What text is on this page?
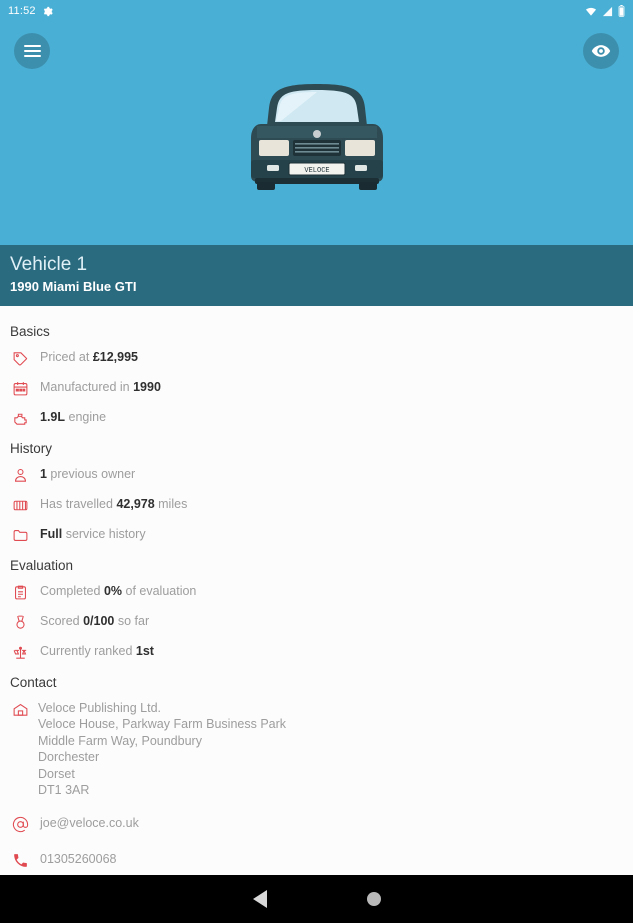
11:52
VELOCE
Vehicle 1
1990 Miami Blue GTI
Basics
Priced at £12,995
Manufactured in 1990
1.9L engine
History
1 previous owner
Has travelled 42,978 miles
Full service history
Evaluation
Completed 0% of evaluation
Scored 0/100 so far
Currently ranked 1st
Contact
Veloce Publishing Ltd.
Veloce House, Parkway Farm Business Park
Middle Farm Way, Poundbury
Dorchester
Dorset
DT1 3AR
joe@veloce.co.uk
01305260068
